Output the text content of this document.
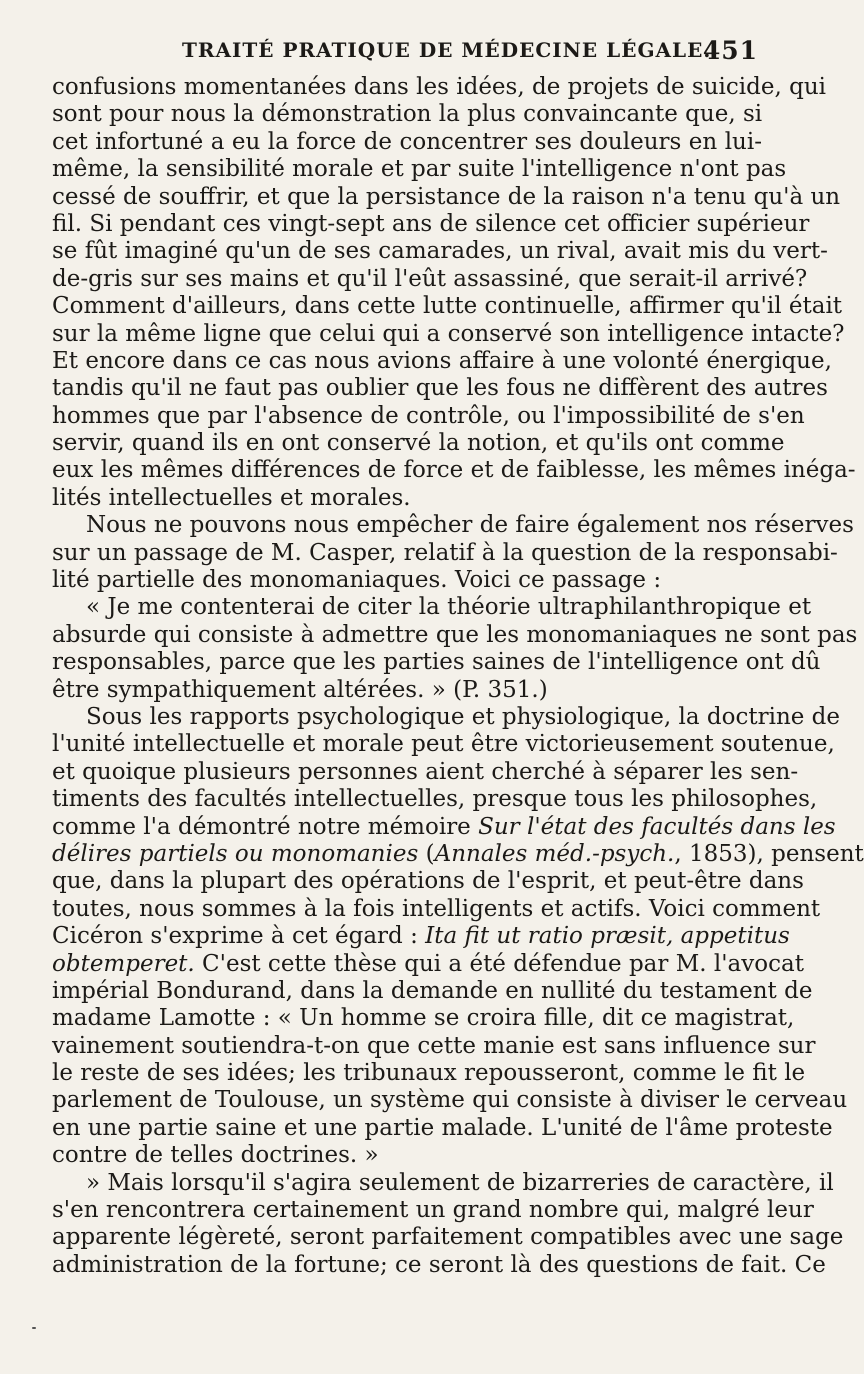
TRAITÉ PRATIQUE DE MÉDECINE LÉGALE.
451
confusions momentanées dans les idées, de projets de suicide, qui
sont pour nous la démonstration la plus convaincante que, si
cet infortuné a eu la force de concentrer ses douleurs en lui-
même, la sensibilité morale et par suite l'intelligence n'ont pas
cessé de souffrir, et que la persistance de la raison n'a tenu qu'à un
fil. Si pendant ces vingt-sept ans de silence cet officier supérieur
se fût imaginé qu'un de ses camarades, un rival, avait mis du vert-
de-gris sur ses mains et qu'il l'eût assassiné, que serait-il arrivé?
Comment d'ailleurs, dans cette lutte continuelle, affirmer qu'il était
sur la même ligne que celui qui a conservé son intelligence intacte?
Et encore dans ce cas nous avions affaire à une volonté énergique,
tandis qu'il ne faut pas oublier que les fous ne diffèrent des autres
hommes que par l'absence de contrôle, ou l'impossibilité de s'en
servir, quand ils en ont conservé la notion, et qu'ils ont comme
eux les mêmes différences de force et de faiblesse, les mêmes inéga-
lités intellectuelles et morales.
Nous ne pouvons nous empêcher de faire également nos réserves
sur un passage de M. Casper, relatif à la question de la responsabi-
lité partielle des monomaniaques. Voici ce passage :
« Je me contenterai de citer la théorie ultraphilanthropique et
absurde qui consiste à admettre que les monomaniaques ne sont pas
responsables, parce que les parties saines de l'intelligence ont dû
être sympathiquement altérées. » (P. 351.)
Sous les rapports psychologique et physiologique, la doctrine de
l'unité intellectuelle et morale peut être victorieusement soutenue,
et quoique plusieurs personnes aient cherché à séparer les sen-
timents des facultés intellectuelles, presque tous les philosophes,
comme l'a démontré notre mémoire Sur l'état des facultés dans les
délires partiels ou monomanies (Annales méd.-psych., 1853), pensent
que, dans la plupart des opérations de l'esprit, et peut-être dans
toutes, nous sommes à la fois intelligents et actifs. Voici comment
Cicéron s'exprime à cet égard : Ita fit ut ratio præsit, appetitus
obtemperet. C'est cette thèse qui a été défendue par M. l'avocat
impérial Bondurand, dans la demande en nullité du testament de
madame Lamotte : « Un homme se croira fille, dit ce magistrat,
vainement soutiendra-t-on que cette manie est sans influence sur
le reste de ses idées; les tribunaux repousseront, comme le fit le
parlement de Toulouse, un système qui consiste à diviser le cerveau
en une partie saine et une partie malade. L'unité de l'âme proteste
contre de telles doctrines. »
» Mais lorsqu'il s'agira seulement de bizarreries de caractère, il
s'en rencontrera certainement un grand nombre qui, malgré leur
apparente légèreté, seront parfaitement compatibles avec une sage
administration de la fortune; ce seront là des questions de fait. Ce
